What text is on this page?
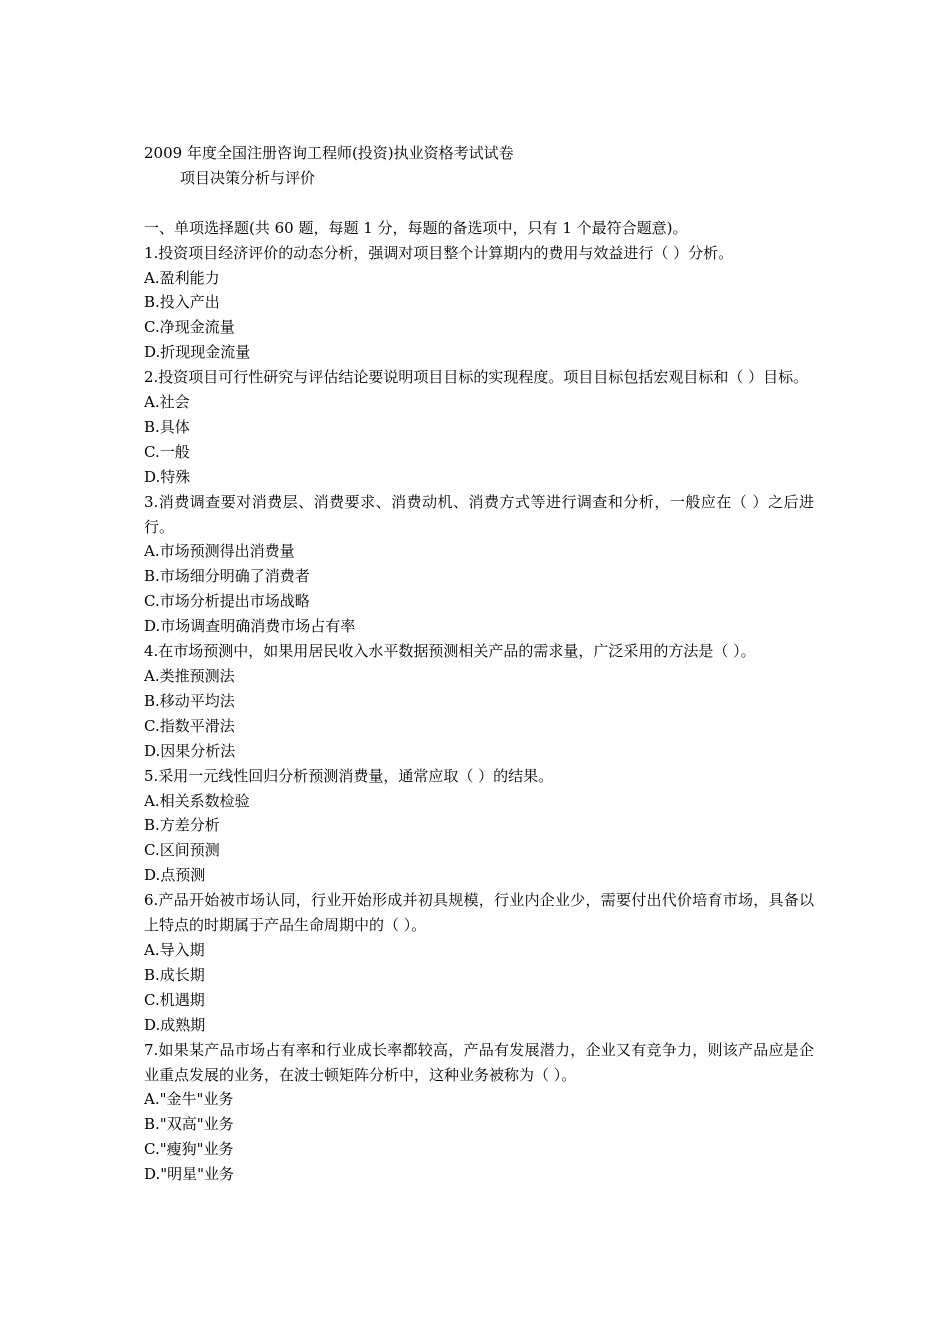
2009 年度全国注册咨询工程师(投资)执业资格考试试卷
项目决策分析与评价
一、单项选择题(共 60 题，每题 1 分，每题的备选项中，只有 1 个最符合题意)。
1.投资项目经济评价的动态分析，强调对项目整个计算期内的费用与效益进行（ ）分析。
A.盈利能力
B.投入产出
C.净现金流量
D.折现现金流量
2.投资项目可行性研究与评估结论要说明项目目标的实现程度。项目目标包括宏观目标和（ ）目标。
A.社会
B.具体
C.一般
D.特殊
3.消费调查要对消费层、消费要求、消费动机、消费方式等进行调查和分析，一般应在（ ）之后进行。
A.市场预测得出消费量
B.市场细分明确了消费者
C.市场分析提出市场战略
D.市场调查明确消费市场占有率
4.在市场预测中，如果用居民收入水平数据预测相关产品的需求量，广泛采用的方法是（ ）。
A.类推预测法
B.移动平均法
C.指数平滑法
D.因果分析法
5.采用一元线性回归分析预测消费量，通常应取（ ）的结果。
A.相关系数检验
B.方差分析
C.区间预测
D.点预测
6.产品开始被市场认同，行业开始形成并初具规模，行业内企业少，需要付出代价培育市场，具备以上特点的时期属于产品生命周期中的（ ）。
A.导入期
B.成长期
C.机遇期
D.成熟期
7.如果某产品市场占有率和行业成长率都较高，产品有发展潜力，企业又有竞争力，则该产品应是企业重点发展的业务，在波士顿矩阵分析中，这种业务被称为（ ）。
A."金牛"业务
B."双高"业务
C."瘦狗"业务
D."明星"业务
